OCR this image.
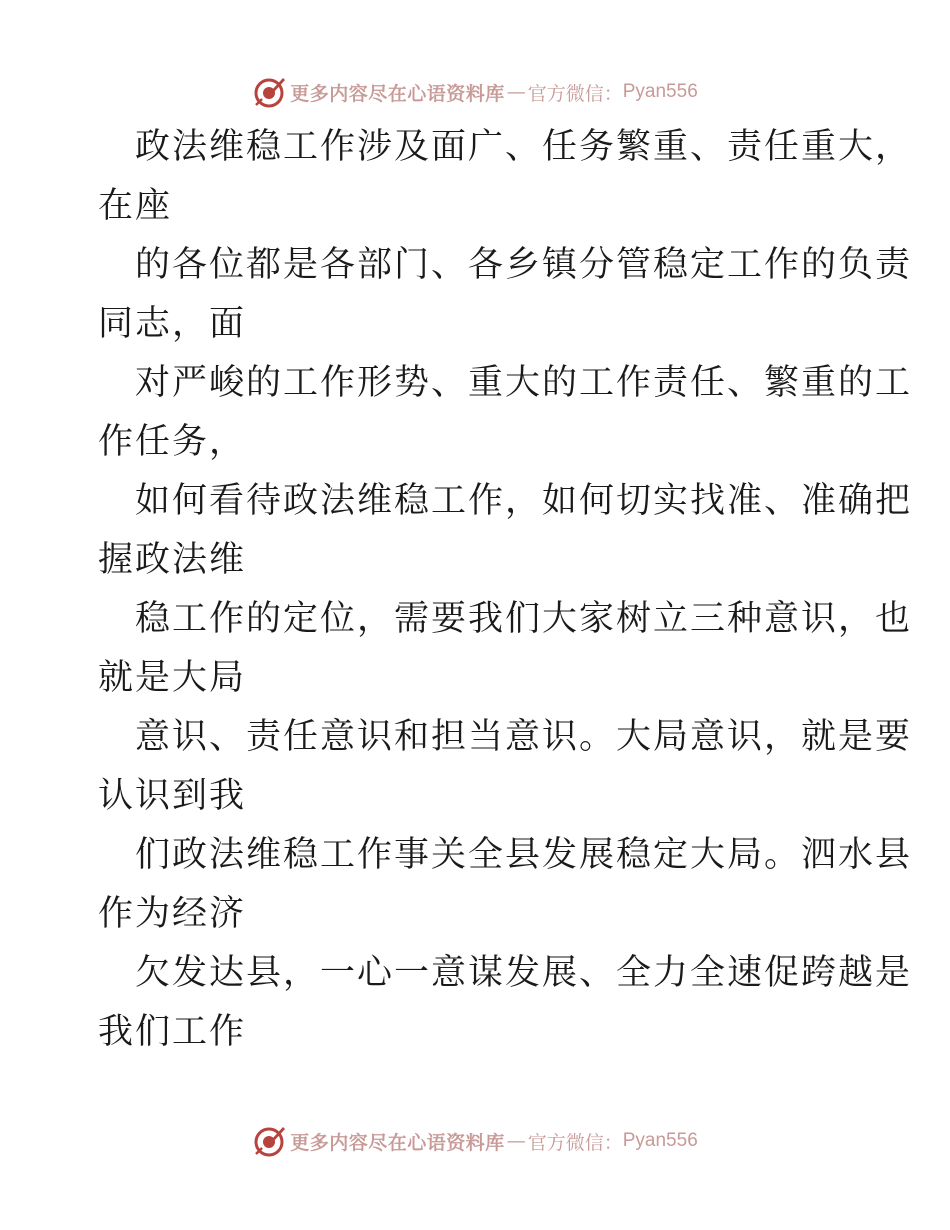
更多内容尽在心语资料库 — 官方微信： Pyan556
政法维稳工作涉及面广、任务繁重、责任重大，
在座
的各位都是各部门、各乡镇分管稳定工作的负责
同志，面
对严峻的工作形势、重大的工作责任、繁重的工
作任务，
如何看待政法维稳工作，如何切实找准、准确把
握政法维
稳工作的定位，需要我们大家树立三种意识，也
就是大局
意识、责任意识和担当意识。大局意识，就是要
认识到我
们政法维稳工作事关全县发展稳定大局。泗水县
作为经济
欠发达县，一心一意谋发展、全力全速促跨越是
我们工作
更多内容尽在心语资料库 — 官方微信： Pyan556
